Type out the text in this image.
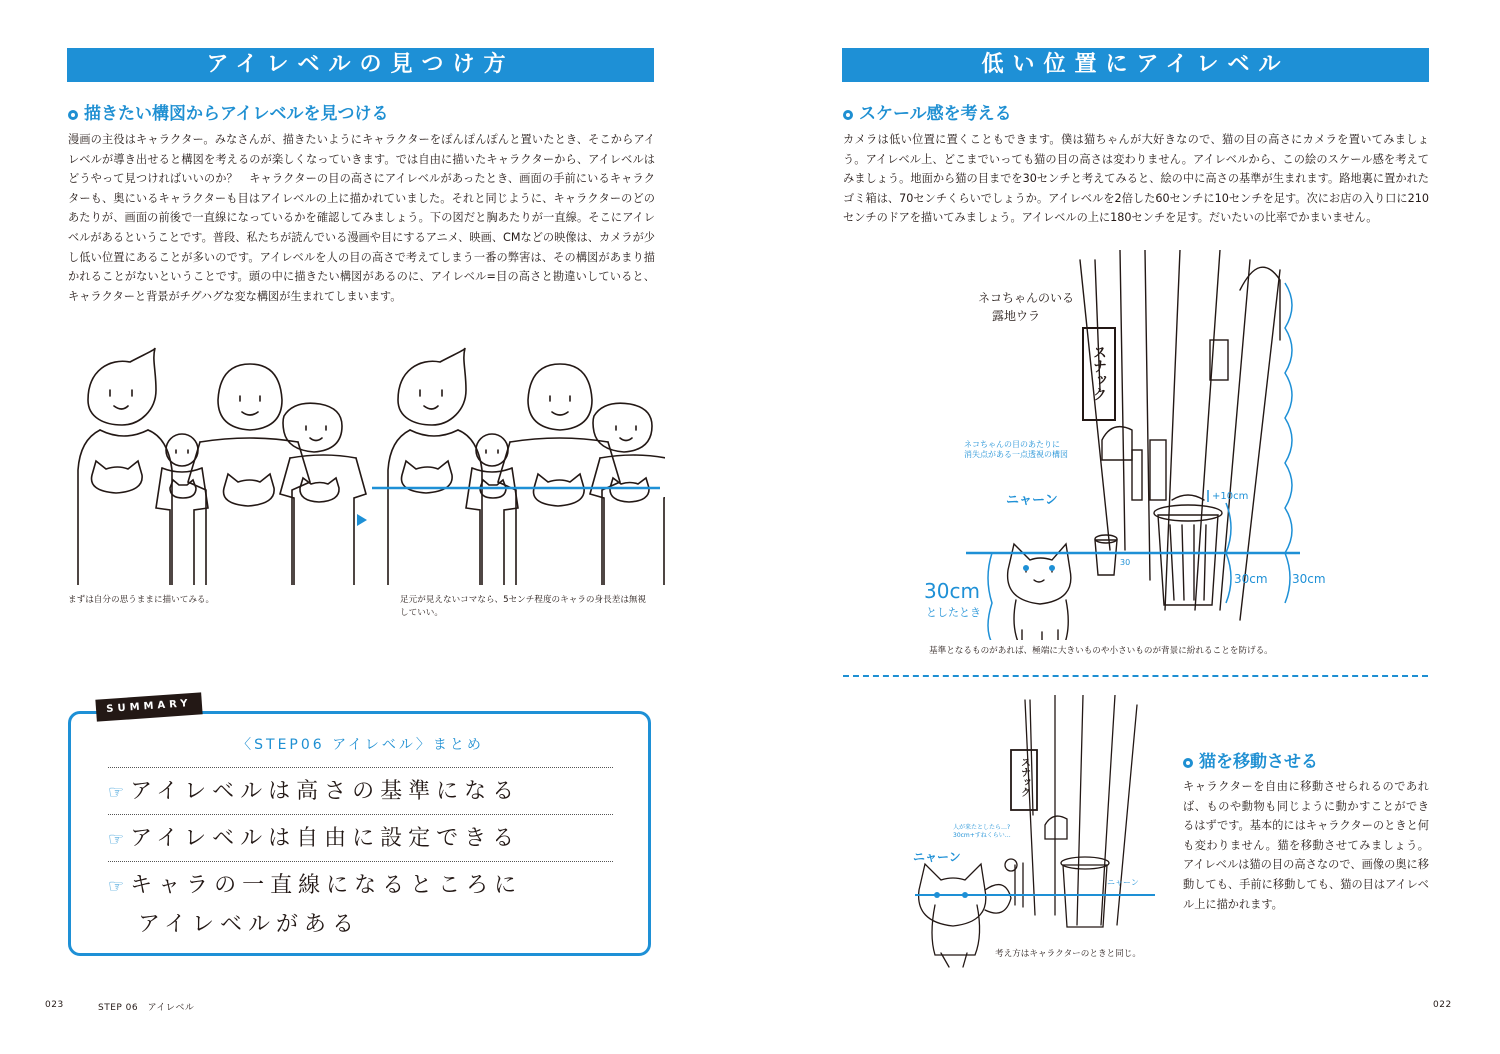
アイレベルの見つけ方
描きたい構図からアイレベルを見つける
漫画の主役はキャラクター。みなさんが、描きたいようにキャラクターをぽんぽんぽんと置いたとき、そこからアイレベルが導き出せると構図を考えるのが楽しくなっていきます。では自由に描いたキャラクターから、アイレベルはどうやって見つければいいのか？　キャラクターの目の高さにアイレベルがあったとき、画面の手前にいるキャラクターも、奥にいるキャラクターも目はアイレベルの上に描かれていました。それと同じように、キャラクターのどのあたりが、画面の前後で一直線になっているかを確認してみましょう。下の図だと胸あたりが一直線。そこにアイレベルがあるということです。普段、私たちが読んでいる漫画や目にするアニメ、映画、CMなどの映像は、カメラが少し低い位置にあることが多いのです。アイレベルを人の目の高さで考えてしまう一番の弊害は、その構図があまり描かれることがないということです。頭の中に描きたい構図があるのに、アイレベル=目の高さと勘違いしていると、キャラクターと背景がチグハグな変な構図が生まれてしまいます。
まずは自分の思うままに描いてみる。	足元が見えないコマなら、5センチ程度のキャラの身長差は無視していい。
SUMMARY
〈STEP06 アイレベル〉まとめ
☞ アイレベルは高さの基準になる
☞ アイレベルは自由に設定できる
☞ キャラの一直線になるところに
アイレベルがある
023	STEP 06　アイレベル
低い位置にアイレベル
スケール感を考える
カメラは低い位置に置くこともできます。僕は猫ちゃんが大好きなので、猫の目の高さにカメラを置いてみましょう。アイレベル上、どこまでいっても猫の目の高さは変わりません。アイレベルから、この絵のスケール感を考えてみましょう。地面から猫の目までを30センチと考えてみると、絵の中に高さの基準が生まれます。路地裏に置かれたゴミ箱は、70センチくらいでしょうか。アイレベルを2倍した60センチに10センチを足す。次にお店の入り口に210センチのドアを描いてみましょう。アイレベルの上に180センチを足す。だいたいの比率でかまいません。
ネコちゃんのいる
露地ウラ
スナック
ネコちゃんの目のあたりに
消失点がある一点透視の構図
ニャーン	+10cm
30
30cm 30cm
30cm
としたとき
基準となるものがあれば、極端に大きいものや小さいものが背景に紛れることを防げる。
スナック
人が来たとしたら…?
30cm+すねくらい…
ニャーン
ニャーン
猫を移動させる
キャラクターを自由に移動させられるのであれば、ものや動物も同じように動かすことができるはずです。基本的にはキャラクターのときと何も変わりません。猫を移動させてみましょう。アイレベルは猫の目の高さなので、画像の奥に移動しても、手前に移動しても、猫の目はアイレベル上に描かれます。
考え方はキャラクターのときと同じ。
022
